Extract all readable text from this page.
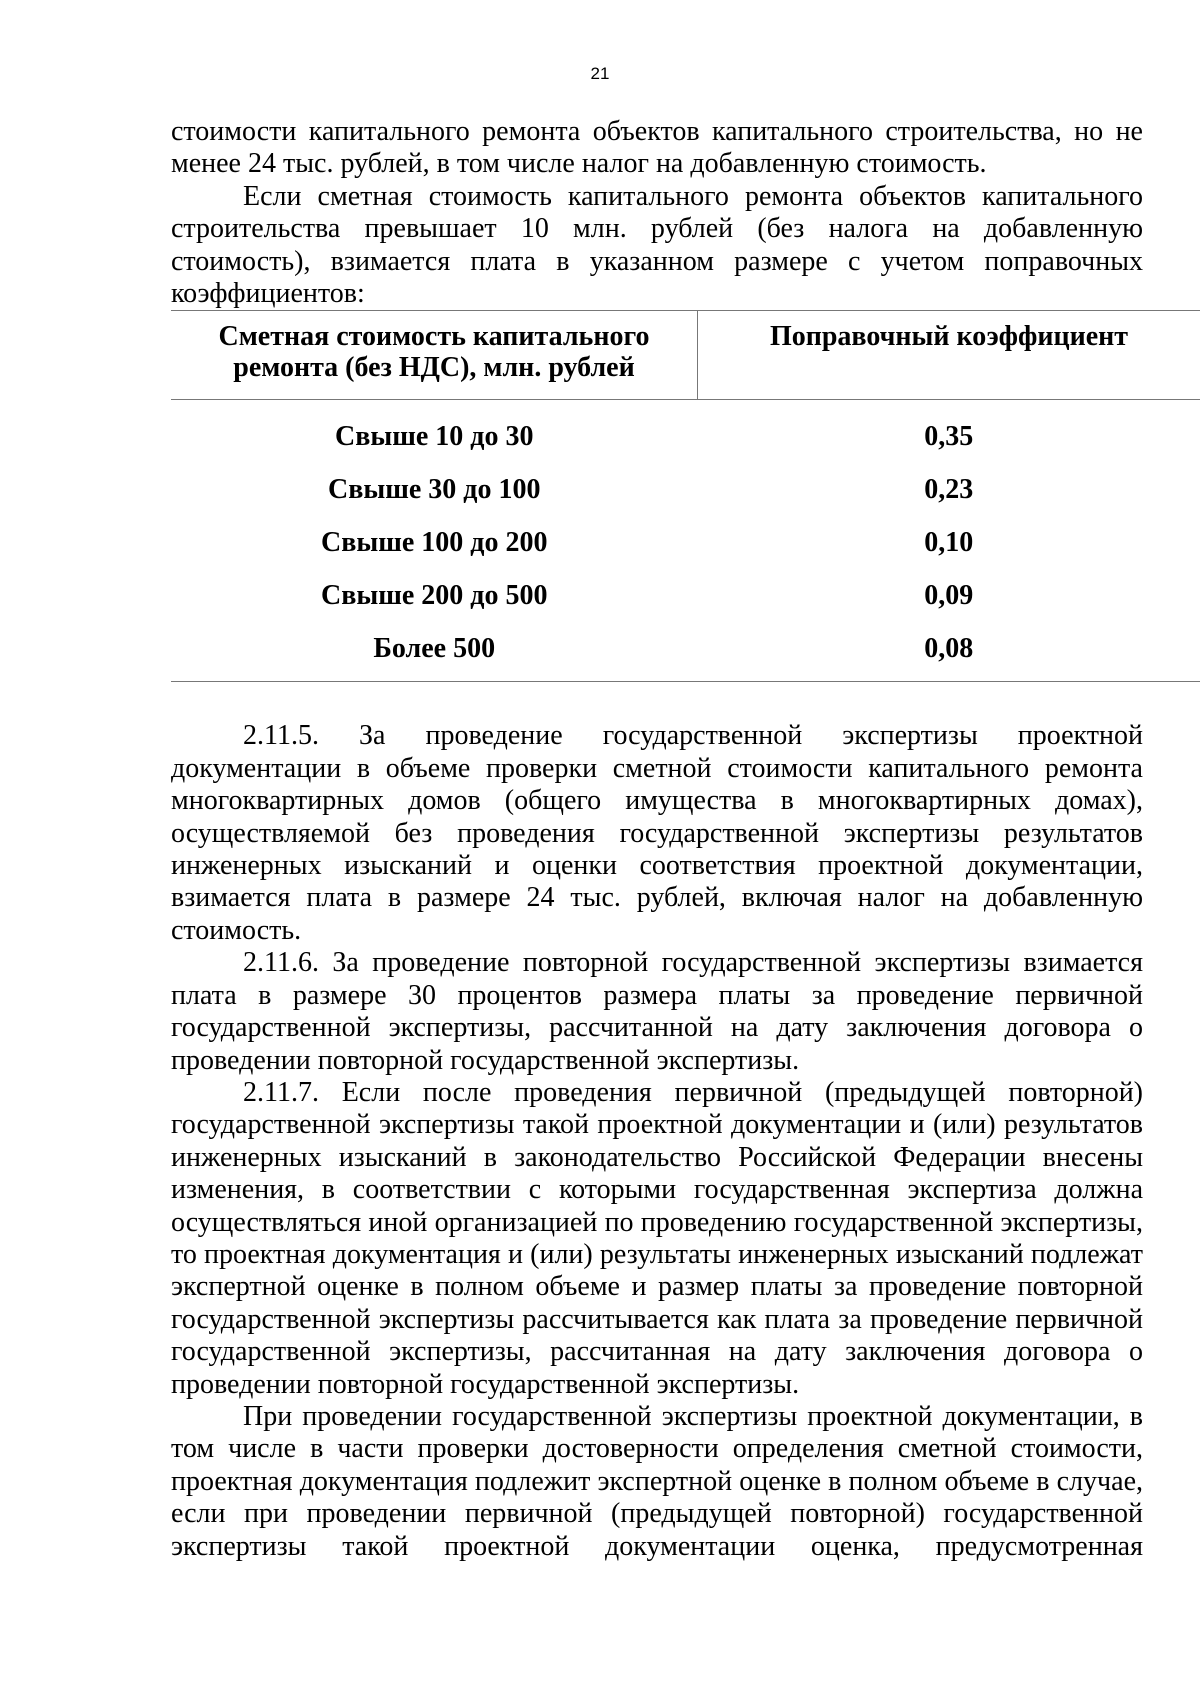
21

стоимости капитального ремонта объектов капитального строительства, но не менее 24 тыс. рублей, в том числе налог на добавленную стоимость.

Если сметная стоимость капитального ремонта объектов капитального строительства превышает 10 млн. рублей (без налога на добавленную стоимость), взимается плата в указанном размере с учетом поправочных коэффициентов:

Сметная стоимость капитального ремонта (без НДС), млн. рублей	Поправочный коэффициент
Свыше 10 до 30	0,35
Свыше 30 до 100	0,23
Свыше 100 до 200	0,10
Свыше 200 до 500	0,09
Более 500	0,08

2.11.5. За проведение государственной экспертизы проектной документации в объеме проверки сметной стоимости капитального ремонта многоквартирных домов (общего имущества в многоквартирных домах), осуществляемой без проведения государственной экспертизы результатов инженерных изысканий и оценки соответствия проектной документации, взимается плата в размере 24 тыс. рублей, включая налог на добавленную стоимость.

2.11.6. За проведение повторной государственной экспертизы взимается плата в размере 30 процентов размера платы за проведение первичной государственной экспертизы, рассчитанной на дату заключения договора о проведении повторной государственной экспертизы.

2.11.7. Если после проведения первичной (предыдущей повторной) государственной экспертизы такой проектной документации и (или) результатов инженерных изысканий в законодательство Российской Федерации внесены изменения, в соответствии с которыми государственная экспертиза должна осуществляться иной организацией по проведению государственной экспертизы, то проектная документация и (или) результаты инженерных изысканий подлежат экспертной оценке в полном объеме и размер платы за проведение повторной государственной экспертизы рассчитывается как плата за проведение первичной государственной экспертизы, рассчитанная на дату заключения договора о проведении повторной государственной экспертизы.

При проведении государственной экспертизы проектной документации, в том числе в части проверки достоверности определения сметной стоимости, проектная документация подлежит экспертной оценке в полном объеме в случае, если при проведении первичной (предыдущей повторной) государственной экспертизы такой проектной документации оценка, предусмотренная
